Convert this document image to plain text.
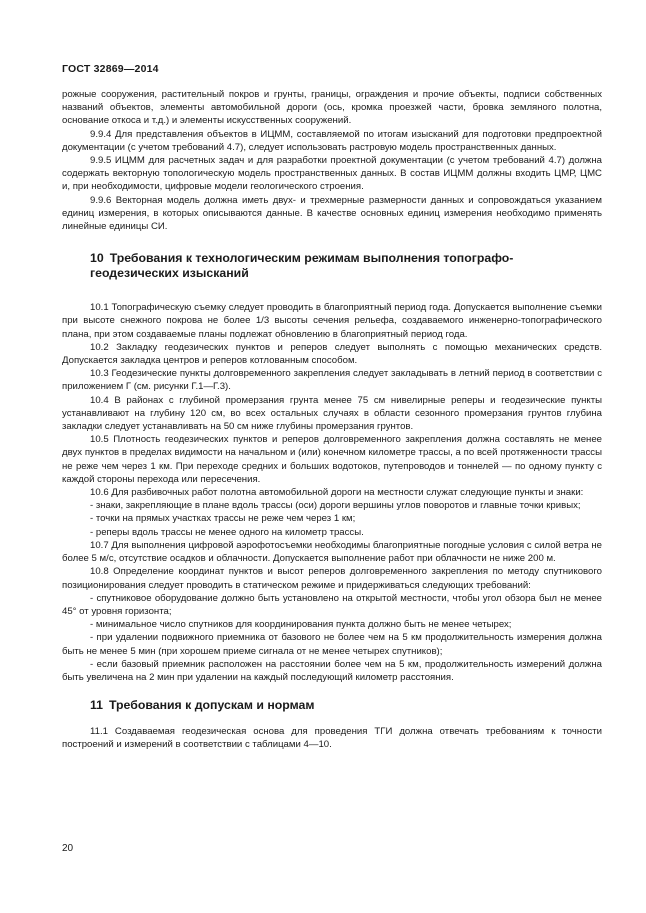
ГОСТ 32869—2014

рожные сооружения, растительный покров и грунты, границы, ограждения и прочие объекты, подписи собственных названий объектов, элементы автомобильной дороги (ось, кромка проезжей части, бровка земляного полотна, основание откоса и т.д.) и элементы искусственных сооружений.

9.9.4 Для представления объектов в ИЦММ, составляемой по итогам изысканий для подготовки предпроектной документации (с учетом требований 4.7), следует использовать растровую модель пространственных данных.

9.9.5 ИЦММ для расчетных задач и для разработки проектной документации (с учетом требований 4.7) должна содержать векторную топологическую модель пространственных данных. В состав ИЦММ должны входить ЦМР, ЦМС и, при необходимости, цифровые модели геологического строения.

9.9.6 Векторная модель должна иметь двух- и трехмерные размерности данных и сопровождаться указанием единиц измерения, в которых описываются данные. В качестве основных единиц измерения необходимо применять линейные единицы СИ.

10 Требования к технологическим режимам выполнения топографо-геодезических изысканий

10.1 Топографическую съемку следует проводить в благоприятный период года. Допускается выполнение съемки при высоте снежного покрова не более 1/3 высоты сечения рельефа, создаваемого инженерно-топографического плана, при этом создаваемые планы подлежат обновлению в благоприятный период года.

10.2 Закладку геодезических пунктов и реперов следует выполнять с помощью механических средств. Допускается закладка центров и реперов котлованным способом.

10.3 Геодезические пункты долговременного закрепления следует закладывать в летний период в соответствии с приложением Г (см. рисунки Г.1—Г.3).

10.4 В районах с глубиной промерзания грунта менее 75 см нивелирные реперы и геодезические пункты устанавливают на глубину 120 см, во всех остальных случаях в области сезонного промерзания грунтов глубина закладки следует устанавливать на 50 см ниже глубины промерзания грунтов.

10.5 Плотность геодезических пунктов и реперов долговременного закрепления должна составлять не менее двух пунктов в пределах видимости на начальном и (или) конечном километре трассы, а по всей протяженности трассы не реже чем через 1 км. При переходе средних и больших водотоков, путепроводов и тоннелей — по одному пункту с каждой стороны перехода или пересечения.

10.6 Для разбивочных работ полотна автомобильной дороги на местности служат следующие пункты и знаки:

- знаки, закрепляющие в плане вдоль трассы (оси) дороги вершины углов поворотов и главные точки кривых;

- точки на прямых участках трассы не реже чем через 1 км;

- реперы вдоль трассы не менее одного на километр трассы.

10.7 Для выполнения цифровой аэрофотосъемки необходимы благоприятные погодные условия с силой ветра не более 5 м/с, отсутствие осадков и облачности. Допускается выполнение работ при облачности не ниже 200 м.

10.8 Определение координат пунктов и высот реперов долговременного закрепления по методу спутникового позиционирования следует проводить в статическом режиме и придерживаться следующих требований:

- спутниковое оборудование должно быть установлено на открытой местности, чтобы угол обзора был не менее 45° от уровня горизонта;

- минимальное число спутников для координирования пункта должно быть не менее четырех;

- при удалении подвижного приемника от базового не более чем на 5 км продолжительность измерения должна быть не менее 5 мин (при хорошем приеме сигнала от не менее четырех спутников);

- если базовый приемник расположен на расстоянии более чем на 5 км, продолжительность измерений должна быть увеличена на 2 мин при удалении на каждый последующий километр расстояния.

11 Требования к допускам и нормам

11.1 Создаваемая геодезическая основа для проведения ТГИ должна отвечать требованиям к точности построений и измерений в соответствии с таблицами 4—10.

20
